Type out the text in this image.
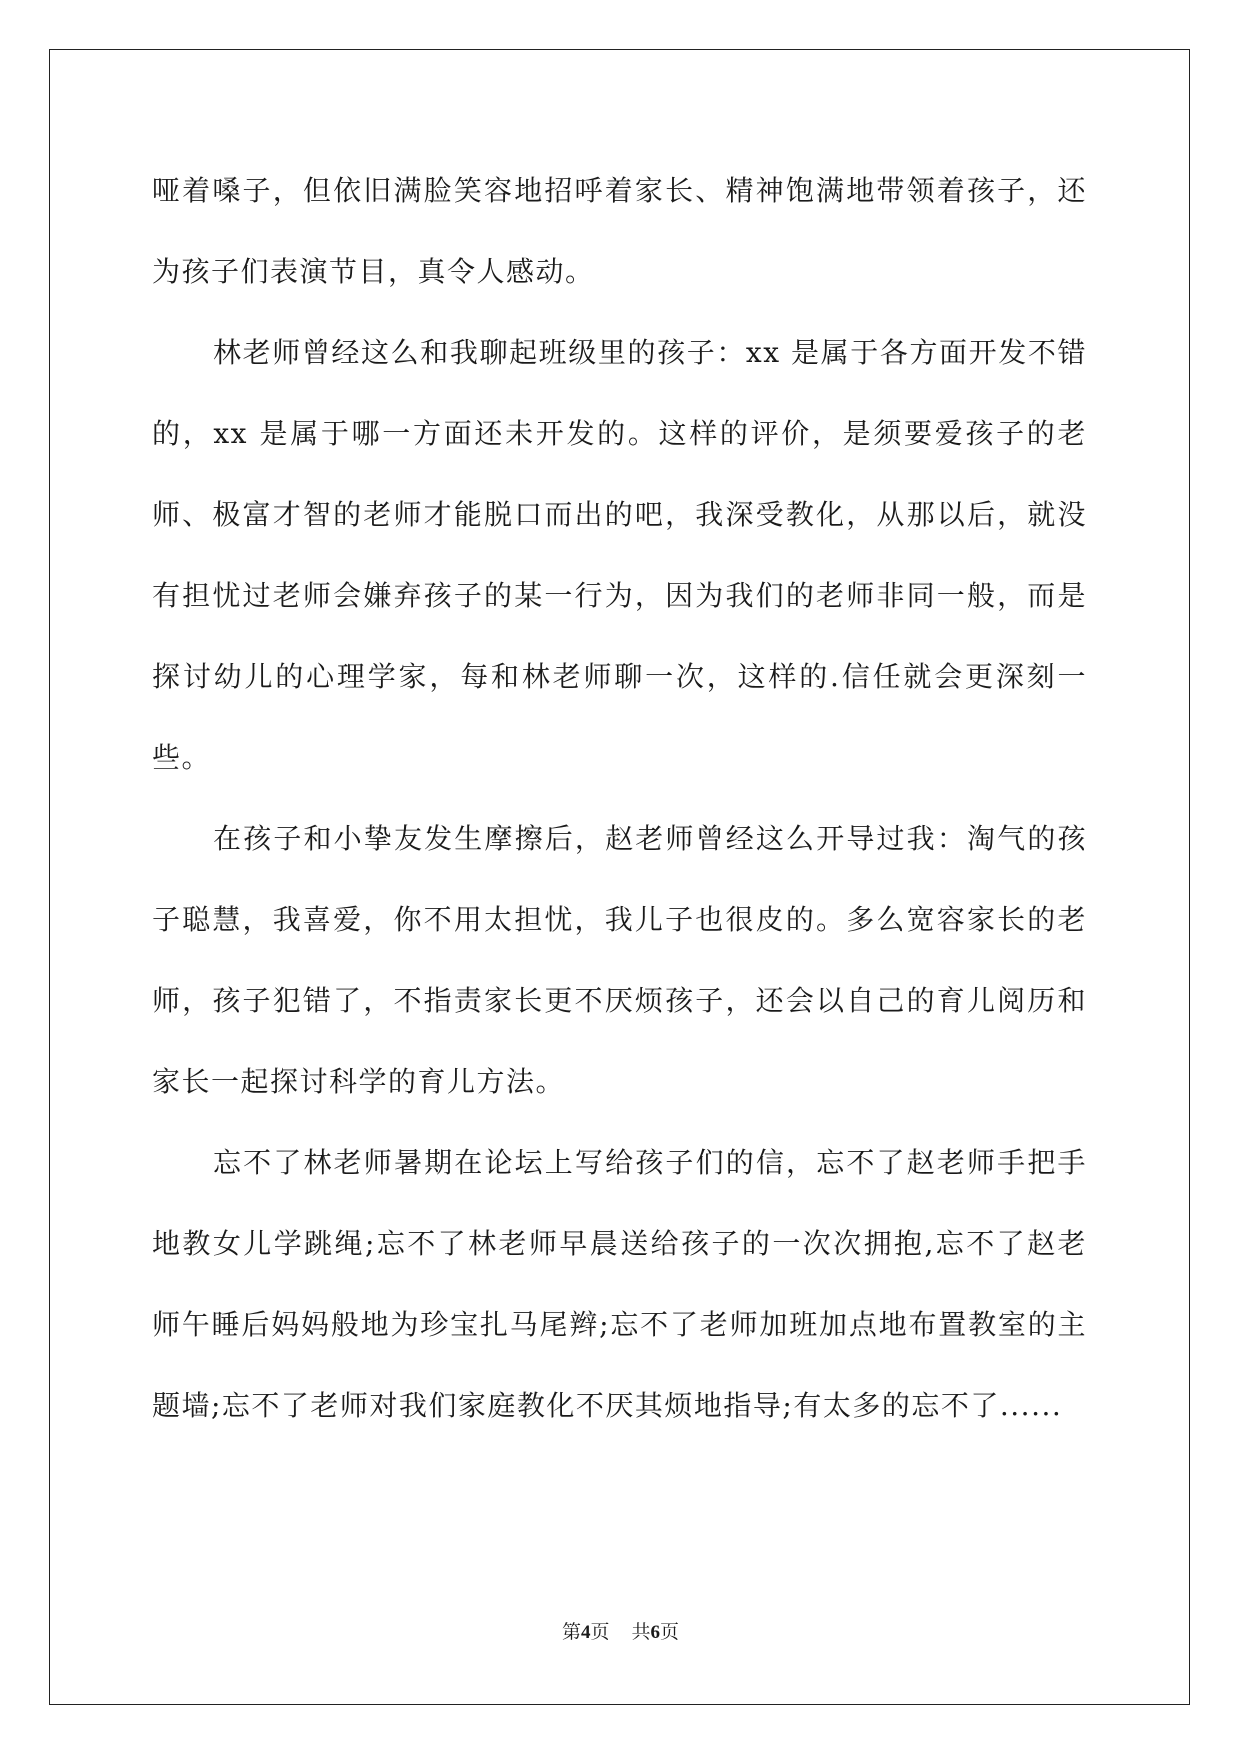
哑着嗓子，但依旧满脸笑容地招呼着家长、精神饱满地带领着孩子，还为孩子们表演节目，真令人感动。

林老师曾经这么和我聊起班级里的孩子：xx 是属于各方面开发不错的，xx 是属于哪一方面还未开发的。这样的评价，是须要爱孩子的老师、极富才智的老师才能脱口而出的吧，我深受教化，从那以后，就没有担忧过老师会嫌弃孩子的某一行为，因为我们的老师非同一般，而是探讨幼儿的心理学家，每和林老师聊一次，这样的.信任就会更深刻一些。

在孩子和小挚友发生摩擦后，赵老师曾经这么开导过我：淘气的孩子聪慧，我喜爱，你不用太担忧，我儿子也很皮的。多么宽容家长的老师，孩子犯错了，不指责家长更不厌烦孩子，还会以自己的育儿阅历和家长一起探讨科学的育儿方法。

忘不了林老师暑期在论坛上写给孩子们的信，忘不了赵老师手把手地教女儿学跳绳;忘不了林老师早晨送给孩子的一次次拥抱,忘不了赵老师午睡后妈妈般地为珍宝扎马尾辫;忘不了老师加班加点地布置教室的主题墙;忘不了老师对我们家庭教化不厌其烦地指导;有太多的忘不了......

第4页 共6页
